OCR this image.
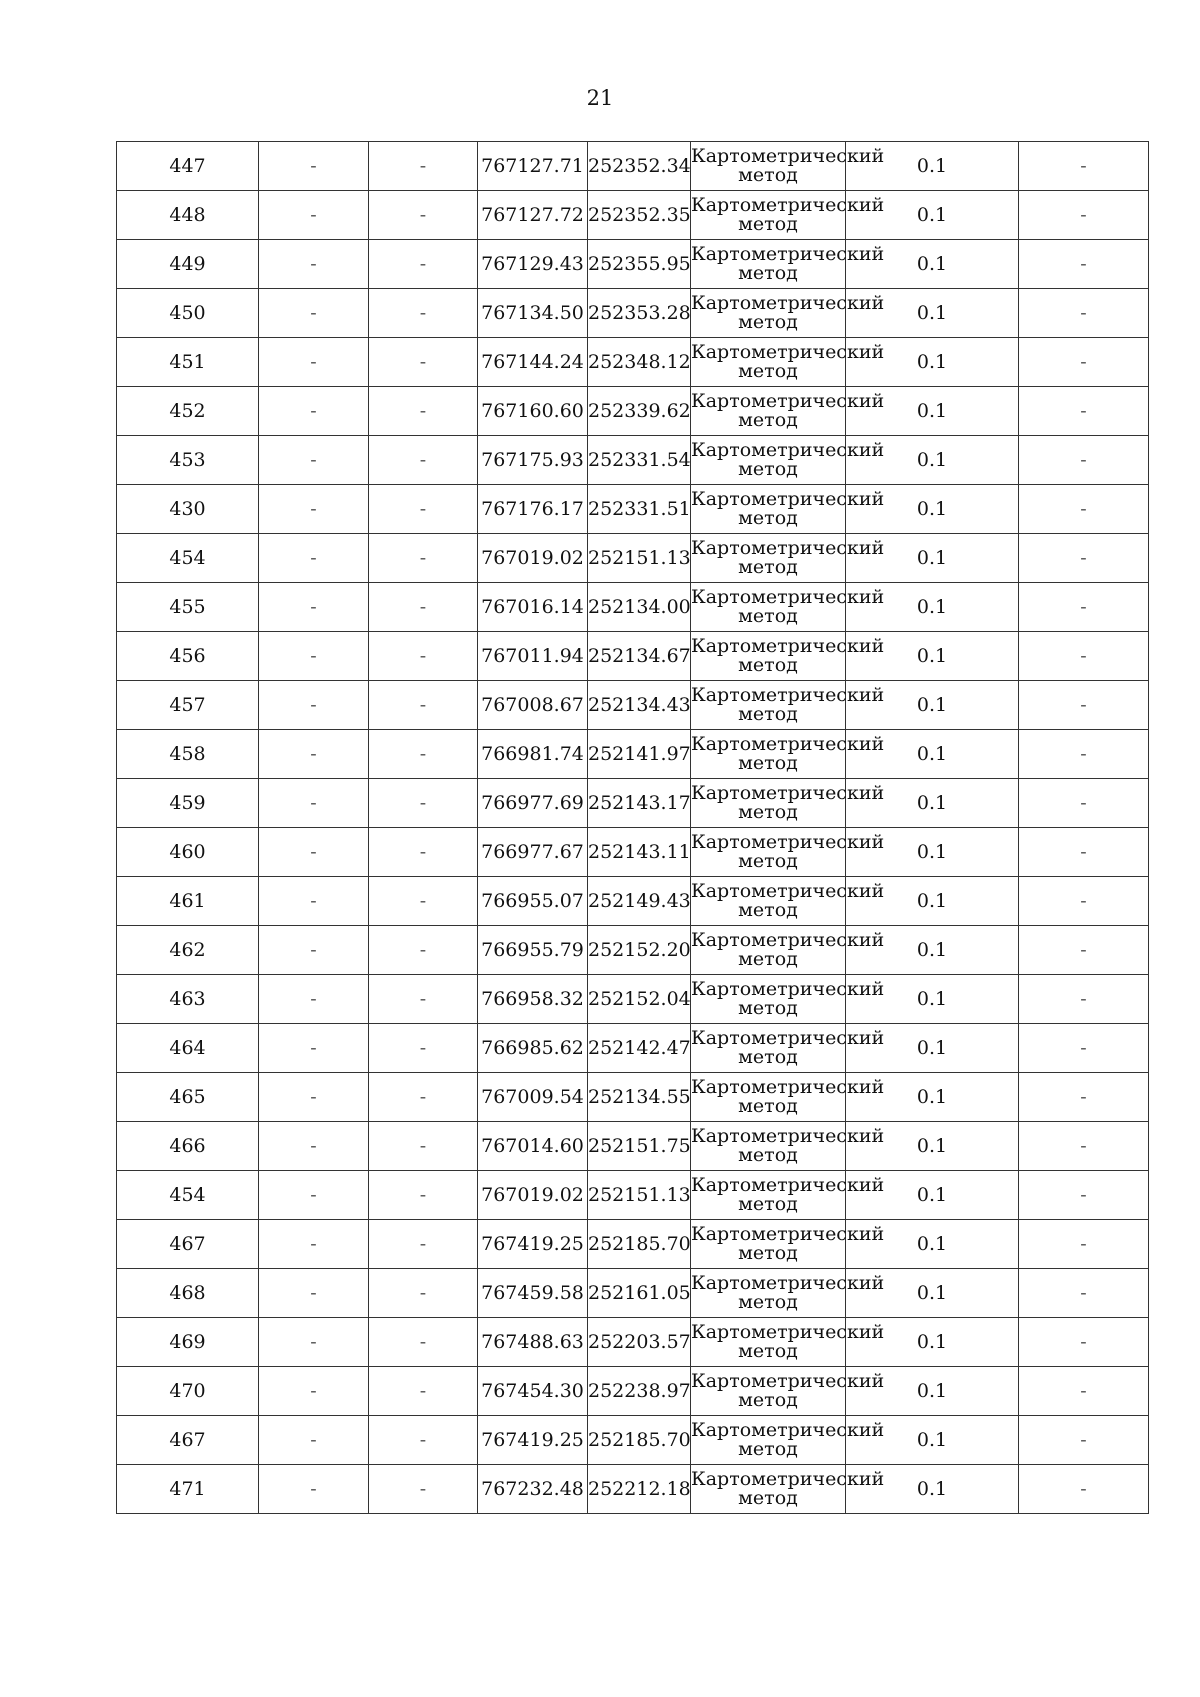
21
447	-	-	767127.71	252352.34	Картометрический метод	0.1	-
448	-	-	767127.72	252352.35	Картометрический метод	0.1	-
449	-	-	767129.43	252355.95	Картометрический метод	0.1	-
450	-	-	767134.50	252353.28	Картометрический метод	0.1	-
451	-	-	767144.24	252348.12	Картометрический метод	0.1	-
452	-	-	767160.60	252339.62	Картометрический метод	0.1	-
453	-	-	767175.93	252331.54	Картометрический метод	0.1	-
430	-	-	767176.17	252331.51	Картометрический метод	0.1	-
454	-	-	767019.02	252151.13	Картометрический метод	0.1	-
455	-	-	767016.14	252134.00	Картометрический метод	0.1	-
456	-	-	767011.94	252134.67	Картометрический метод	0.1	-
457	-	-	767008.67	252134.43	Картометрический метод	0.1	-
458	-	-	766981.74	252141.97	Картометрический метод	0.1	-
459	-	-	766977.69	252143.17	Картометрический метод	0.1	-
460	-	-	766977.67	252143.11	Картометрический метод	0.1	-
461	-	-	766955.07	252149.43	Картометрический метод	0.1	-
462	-	-	766955.79	252152.20	Картометрический метод	0.1	-
463	-	-	766958.32	252152.04	Картометрический метод	0.1	-
464	-	-	766985.62	252142.47	Картометрический метод	0.1	-
465	-	-	767009.54	252134.55	Картометрический метод	0.1	-
466	-	-	767014.60	252151.75	Картометрический метод	0.1	-
454	-	-	767019.02	252151.13	Картометрический метод	0.1	-
467	-	-	767419.25	252185.70	Картометрический метод	0.1	-
468	-	-	767459.58	252161.05	Картометрический метод	0.1	-
469	-	-	767488.63	252203.57	Картометрический метод	0.1	-
470	-	-	767454.30	252238.97	Картометрический метод	0.1	-
467	-	-	767419.25	252185.70	Картометрический метод	0.1	-
471	-	-	767232.48	252212.18	Картометрический метод	0.1	-
